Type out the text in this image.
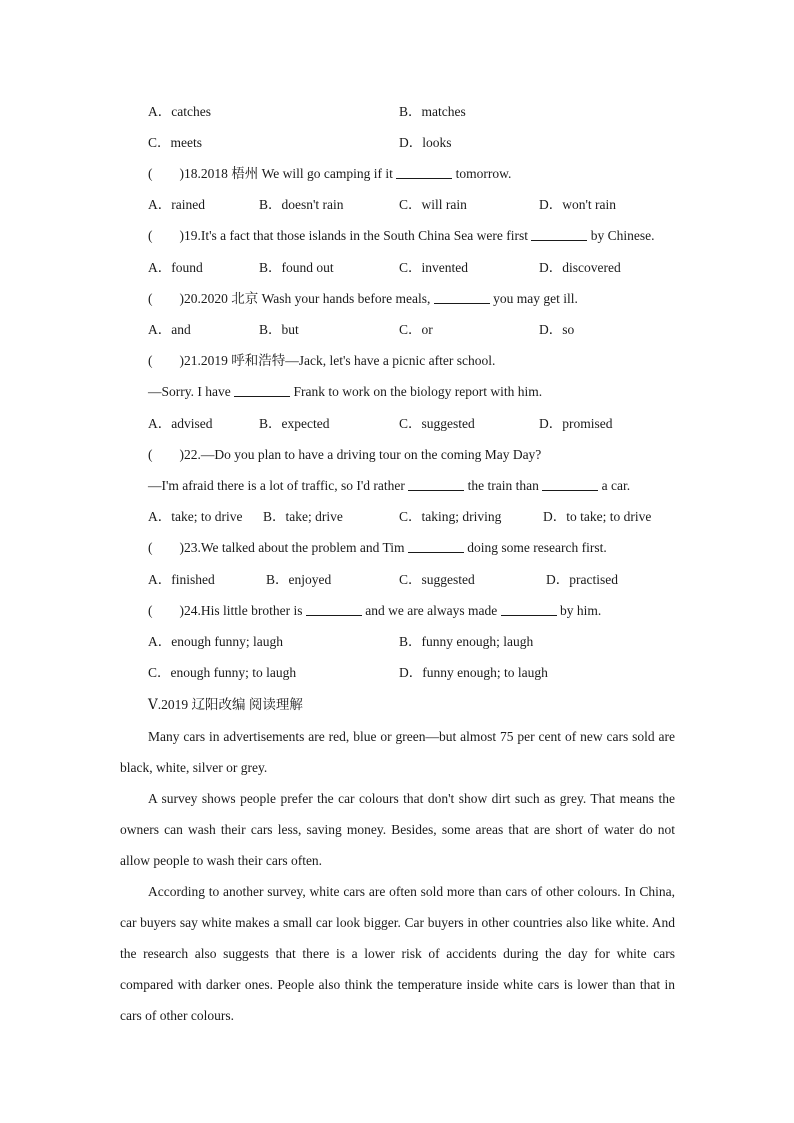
A．catches	B．matches
C．meets	D．looks
( )18.2018 梧州 We will go camping if it	tomorrow.
A．rained	B．doesn't rain	C．will rain	D．won't rain
( )19.It's a fact that those islands in the South China Sea were first	by Chinese.
A．found	B．found out	C．invented	D．discovered
( )20.2020 北京 Wash your hands before meals,	you may get ill.
A．and	B．but	C．or	D．so
( )21.2019 呼和浩特—Jack, let's have a picnic after school.
—Sorry. I have	Frank to work on the biology report with him.
A．advised	B．expected	C．suggested	D．promised
( )22.—Do you plan to have a driving tour on the coming May Day?
—I'm afraid there is a lot of traffic, so I'd rather	the train than	a car.
A．take; to drive B．take; drive	C．taking; driving	D．to take; to drive
( )23.We talked about the problem and Tim	doing some research first.
A．finished	B．enjoyed	C．suggested	D．practised
( )24.His little brother is	and we are always made	by him.
A．enough funny; laugh	B．funny enough; laugh
C．enough funny; to laugh	D．funny enough; to laugh
Ⅴ.2019 辽阳改编 阅读理解
Many cars in advertisements are red, blue or green—but almost 75 per cent of new cars sold are black, white, silver or grey.
A survey shows people prefer the car colours that don't show dirt such as grey. That means the owners can wash their cars less, saving money. Besides, some areas that are short of water do not allow people to wash their cars often.
According to another survey, white cars are often sold more than cars of other colours. In China, car buyers say white makes a small car look bigger. Car buyers in other countries also like white. And the research also suggests that there is a lower risk of accidents during the day for white cars compared with darker ones. People also think the temperature inside white cars is lower than that in cars of other colours.
